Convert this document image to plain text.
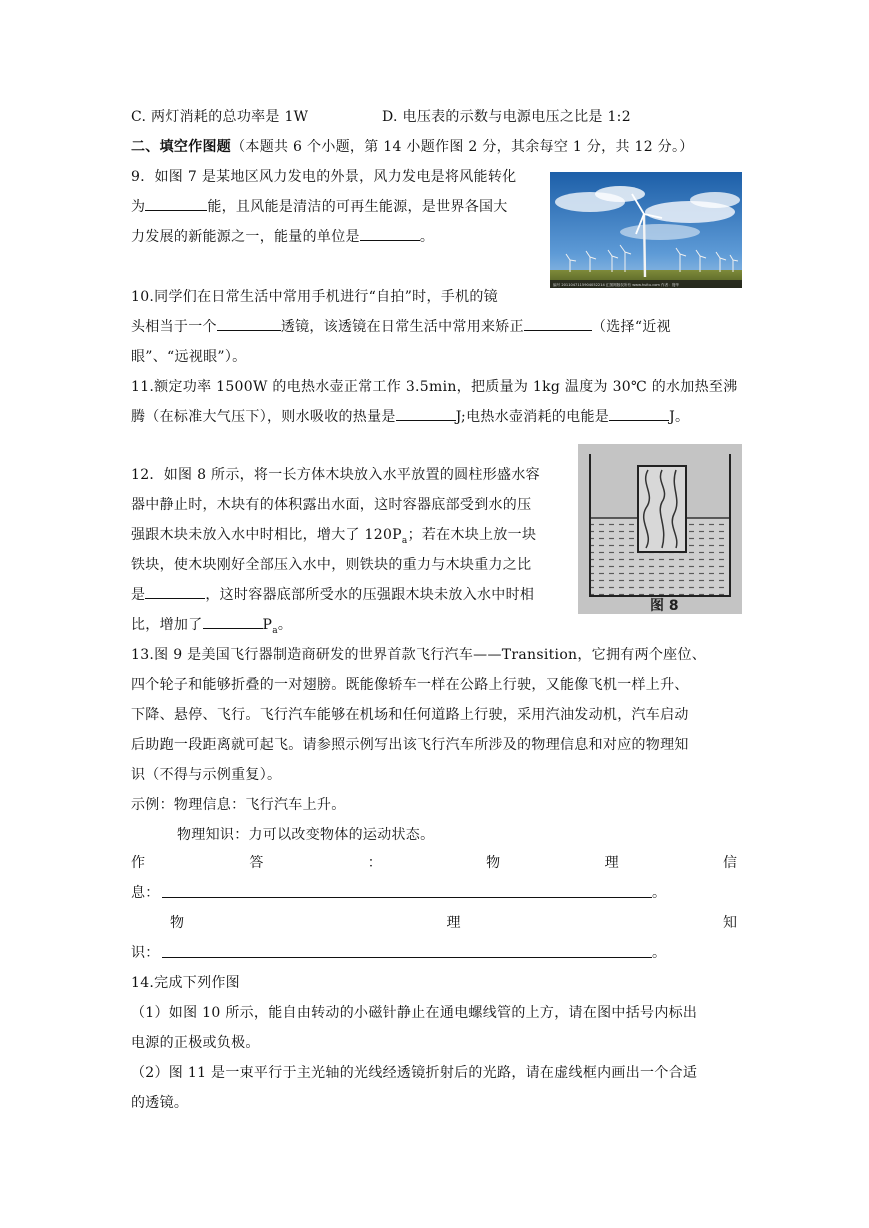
C. 两灯消耗的总功率是 1W	D. 电压表的示数与电源电压之比是 1:2
二、填空作图题（本题共 6 个小题，第 14 小题作图 2 分，其余每空 1 分，共 12 分。）
9．如图 7 是某地区风力发电的外景，风力发电是将风能转化
为	能，且风能是清洁的可再生能源，是世界各国大
力发展的新能源之一，能量的单位是	。
编号 2011047115904052214 汇图网版权所有 www.huitu.com 作者：搜华
10.同学们在日常生活中常用手机进行“自拍”时，手机的镜
头相当于一个	透镜，该透镜在日常生活中常用来矫正	（选择“近视
眼”、“远视眼”）。
11.额定功率 1500W 的电热水壶正常工作 3.5min，把质量为 1kg 温度为 30℃ 的水加热至沸
腾（在标准大气压下），则水吸收的热量是	J;电热水壶消耗的电能是	J。
12．如图 8 所示，将一长方体木块放入水平放置的圆柱形盛水容
器中静止时，木块有的体积露出水面，这时容器底部受到水的压
强跟木块未放入水中时相比，增大了 $120P_a$；若在木块上放一块
铁块，使木块刚好全部压入水中，则铁块的重力与木块重力之比
是	，这时容器底部所受水的压强跟木块未放入水中时相
比，增加了	$P_a$。
图 8
13.图 9 是美国飞行器制造商研发的世界首款飞行汽车——Transition，它拥有两个座位、
四个轮子和能够折叠的一对翅膀。既能像轿车一样在公路上行驶，又能像飞机一样上升、
下降、悬停、飞行。飞行汽车能够在机场和任何道路上行驶，采用汽油发动机，汽车启动
后助跑一段距离就可起飞。请参照示例写出该飞行汽车所涉及的物理信息和对应的物理知
识（不得与示例重复）。
示例：物理信息：飞行汽车上升。
物理知识：力可以改变物体的运动状态。
作	答	：	物	理	信
息：	。
物	理	知
识：	。
14.完成下列作图
（1）如图 10 所示，能自由转动的小磁针静止在通电螺线管的上方，请在图中括号内标出
电源的正极或负极。
（2）图 11 是一束平行于主光轴的光线经透镜折射后的光路，请在虚线框内画出一个合适
的透镜。
